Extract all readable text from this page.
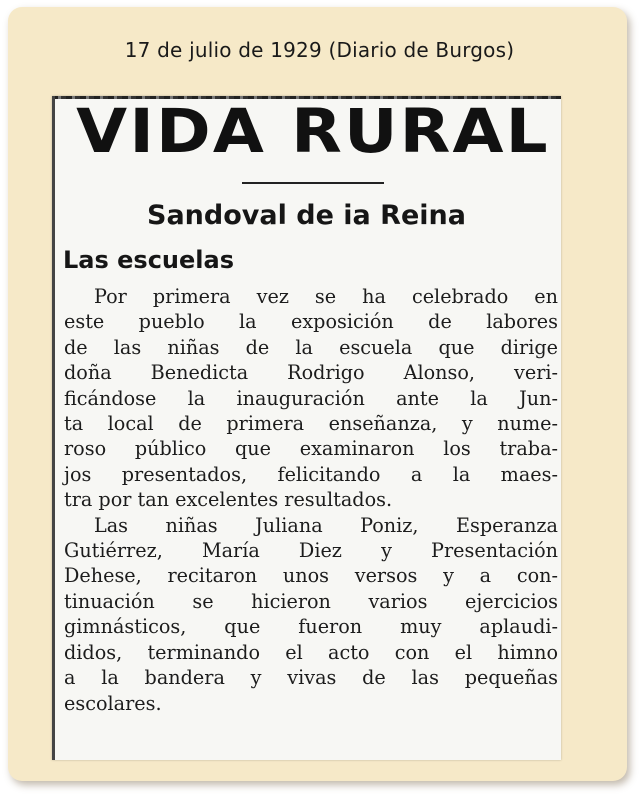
17 de julio de 1929 (Diario de Burgos)
VIDA RURAL
Sandoval de ia Reina
Las escuelas
Por primera vez se ha celebrado en
este pueblo la exposición de labores
de las niñas de la escuela que dirige
doña Benedicta Rodrigo Alonso, veri-
ficándose la inauguración ante la Jun-
ta local de primera enseñanza, y nume-
roso público que examinaron los traba-
jos presentados, felicitando a la maes-
tra por tan excelentes resultados.
Las niñas Juliana Poniz, Esperanza
Gutiérrez, María Diez y Presentación
Dehese, recitaron unos versos y a con-
tinuación se hicieron varios ejercicios
gimnásticos, que fueron muy aplaudi-
didos, terminando el acto con el himno
a la bandera y vivas de las pequeñas
escolares.
